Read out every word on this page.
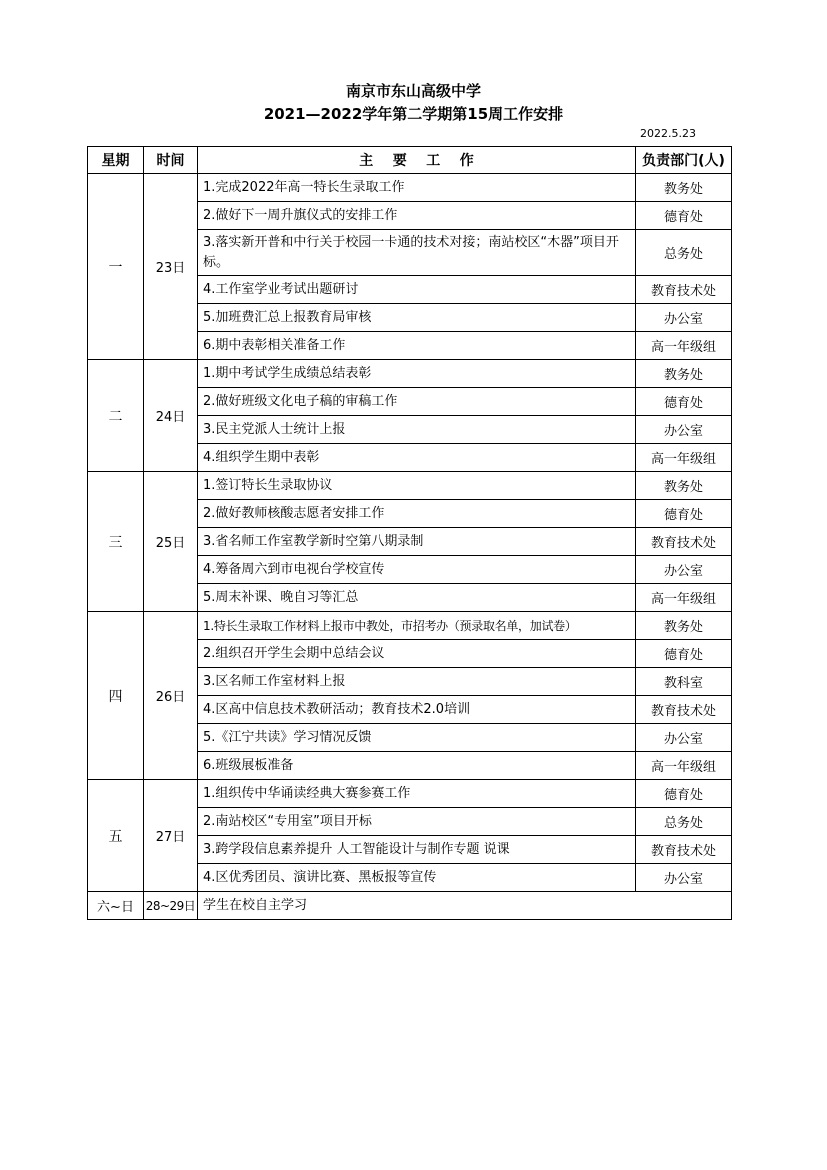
南京市东山高级中学
2021—2022学年第二学期第15周工作安排
2022.5.23
星期	时间	主    要    工    作	负责部门(人)
一	23日	1.完成2022年高一特长生录取工作	教务处
		2.做好下一周升旗仪式的安排工作	德育处
		3.落实新开普和中行关于校园一卡通的技术对接；南站校区“木器”项目开标。	总务处
		4.工作室学业考试出题研讨	教育技术处
		5.加班费汇总上报教育局审核	办公室
		6.期中表彰相关准备工作	高一年级组
二	24日	1.期中考试学生成绩总结表彰	教务处
		2.做好班级文化电子稿的审稿工作	德育处
		3.民主党派人士统计上报	办公室
		4.组织学生期中表彰	高一年级组
三	25日	1.签订特长生录取协议	教务处
		2.做好教师核酸志愿者安排工作	德育处
		3.省名师工作室教学新时空第八期录制	教育技术处
		4.筹备周六到市电视台学校宣传	办公室
		5.周末补课、晚自习等汇总	高一年级组
四	26日	1.特长生录取工作材料上报市中教处，市招考办（预录取名单，加试卷）	教务处
		2.组织召开学生会期中总结会议	德育处
		3.区名师工作室材料上报	教科室
		4.区高中信息技术教研活动；教育技术2.0培训	教育技术处
		5.《江宁共读》学习情况反馈	办公室
		6.班级展板准备	高一年级组
五	27日	1.组织传中华诵读经典大赛参赛工作	德育处
		2.南站校区“专用室”项目开标	总务处
		3.跨学段信息素养提升 人工智能设计与制作专题 说课	教育技术处
		4.区优秀团员、演讲比赛、黑板报等宣传	办公室
六~日	28~29日	学生在校自主学习	
